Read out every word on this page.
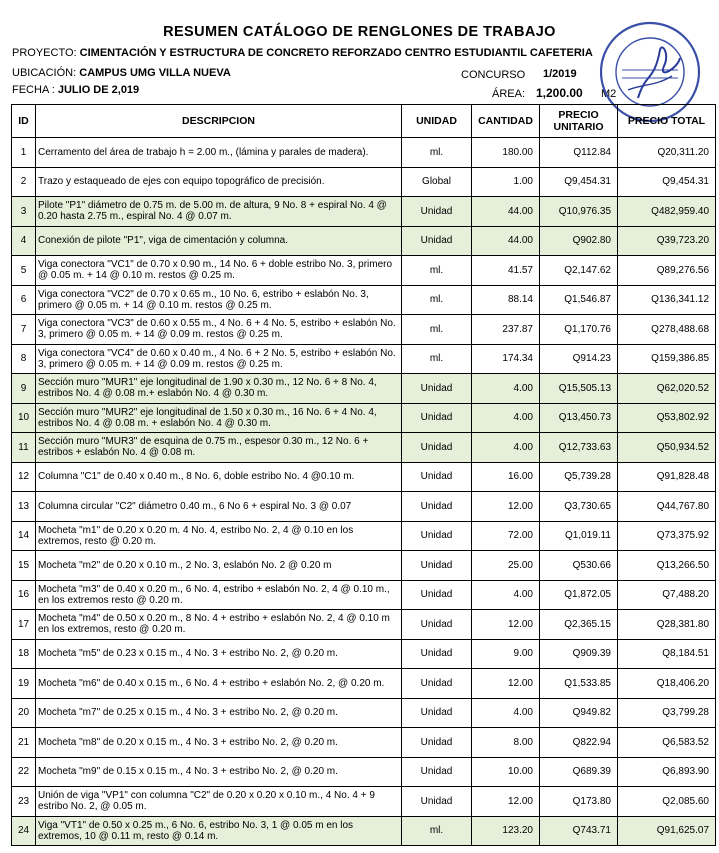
RESUMEN CATÁLOGO DE RENGLONES DE TRABAJO
PROYECTO: CIMENTACIÓN Y ESTRUCTURA DE CONCRETO REFORZADO CENTRO ESTUDIANTIL CAFETERIA
UBICACIÓN: CAMPUS UMG VILLA NUEVA
FECHA : JULIO DE 2,019
CONCURSO 1/2019
ÁREA: 1,200.00 M2
ID	DESCRIPCION	UNIDAD	CANTIDAD	PRECIO UNITARIO	PRECIO TOTAL
1	Cerramento del área de trabajo h = 2.00 m., (lámina y parales de madera).	ml.	180.00	Q112.84	Q20,311.20
2	Trazo y estaqueado de ejes con equipo topográfico de precisión.	Global	1.00	Q9,454.31	Q9,454.31
3	Pilote "P1" diámetro de 0.75 m. de 5.00 m. de altura, 9 No. 8 + espiral No. 4 @ 0.20 hasta 2.75 m., espiral No. 4 @ 0.07 m.	Unidad	44.00	Q10,976.35	Q482,959.40
4	Conexión de pilote "P1", viga de cimentación y columna.	Unidad	44.00	Q902.80	Q39,723.20
5	Viga conectora "VC1" de 0.70 x 0.90 m., 14 No. 6 + doble estribo No. 3, primero @ 0.05 m. + 14 @ 0.10 m. restos @ 0.25 m.	ml.	41.57	Q2,147.62	Q89,276.56
6	Viga conectora "VC2" de 0.70 x 0.65 m., 10 No. 6, estribo + eslabón No. 3, primero @ 0.05 m. + 14 @ 0.10 m. restos @ 0.25 m.	ml.	88.14	Q1,546.87	Q136,341.12
7	Viga conectora "VC3" de 0.60 x 0.55 m., 4 No. 6 + 4 No. 5, estribo + eslabón No. 3, primero @ 0.05 m. + 14 @ 0.09 m. restos @ 0.25 m.	ml.	237.87	Q1,170.76	Q278,488.68
8	Viga conectora "VC4" de 0.60 x 0.40 m., 4 No. 6 + 2 No. 5, estribo + eslabón No. 3, primero @ 0.05 m. + 14 @ 0.09 m. restos @ 0.25 m.	ml.	174.34	Q914.23	Q159,386.85
9	Sección muro "MUR1" eje longitudinal de 1.90 x 0.30 m., 12 No. 6 + 8 No. 4, estribos No. 4 @ 0.08 m.+ eslabón No. 4 @ 0.30 m.	Unidad	4.00	Q15,505.13	Q62,020.52
10	Sección muro "MUR2" eje longitudinal de 1.50 x 0.30 m., 16 No. 6 + 4 No. 4, estribos No. 4 @ 0.08 m. + eslabón No. 4 @ 0.30 m.	Unidad	4.00	Q13,450.73	Q53,802.92
11	Sección muro "MUR3" de esquina de 0.75 m., espesor 0.30 m., 12 No. 6 + estribos + eslabón No. 4 @ 0.08 m.	Unidad	4.00	Q12,733.63	Q50,934.52
12	Columna "C1" de 0.40 x 0.40 m., 8 No. 6, doble estribo No. 4 @0.10 m.	Unidad	16.00	Q5,739.28	Q91,828.48
13	Columna circular "C2" diámetro 0.40 m., 6 No 6 + espiral No. 3 @ 0.07	Unidad	12.00	Q3,730.65	Q44,767.80
14	Mocheta "m1" de 0.20 x 0.20 m. 4 No. 4, estribo No. 2, 4 @ 0.10 en los extremos, resto @ 0.20 m.	Unidad	72.00	Q1,019.11	Q73,375.92
15	Mocheta "m2" de 0.20 x 0.10 m., 2 No. 3, eslabón No. 2 @ 0.20 m	Unidad	25.00	Q530.66	Q13,266.50
16	Mocheta "m3" de 0.40 x 0.20 m., 6 No. 4, estribo + eslabón No. 2, 4 @ 0.10 m., en los extremos resto @ 0.20 m.	Unidad	4.00	Q1,872.05	Q7,488.20
17	Mocheta "m4" de 0.50 x 0.20 m., 8 No. 4 + estribo + eslabón No. 2, 4 @ 0.10 m en los extremos, resto @ 0.20 m.	Unidad	12.00	Q2,365.15	Q28,381.80
18	Mocheta "m5" de 0.23 x 0.15 m., 4 No. 3 + estribo No. 2, @ 0.20 m.	Unidad	9.00	Q909.39	Q8,184.51
19	Mocheta "m6" de 0.40 x 0.15 m., 6 No. 4 + estribo + eslabón No. 2, @ 0.20 m.	Unidad	12.00	Q1,533.85	Q18,406.20
20	Mocheta "m7" de 0.25 x 0.15 m., 4 No. 3 + estribo No. 2, @ 0.20 m.	Unidad	4.00	Q949.82	Q3,799.28
21	Mocheta "m8" de 0.20 x 0.15 m., 4 No. 3 + estribo No. 2, @ 0.20 m.	Unidad	8.00	Q822.94	Q6,583.52
22	Mocheta "m9" de 0.15 x 0.15 m., 4 No. 3 + estribo No. 2, @ 0.20 m.	Unidad	10.00	Q689.39	Q6,893.90
23	Unión de viga "VP1" con columna "C2" de 0.20 x 0.20 x 0.10 m., 4 No. 4 + 9 estribo No. 2, @ 0.05 m.	Unidad	12.00	Q173.80	Q2,085.60
24	Viga "VT1" de 0.50 x 0.25 m., 6 No. 6, estribo No. 3, 1 @ 0.05 m en los extremos, 10 @ 0.11 m, resto @ 0.14 m.	ml.	123.20	Q743.71	Q91,625.07
